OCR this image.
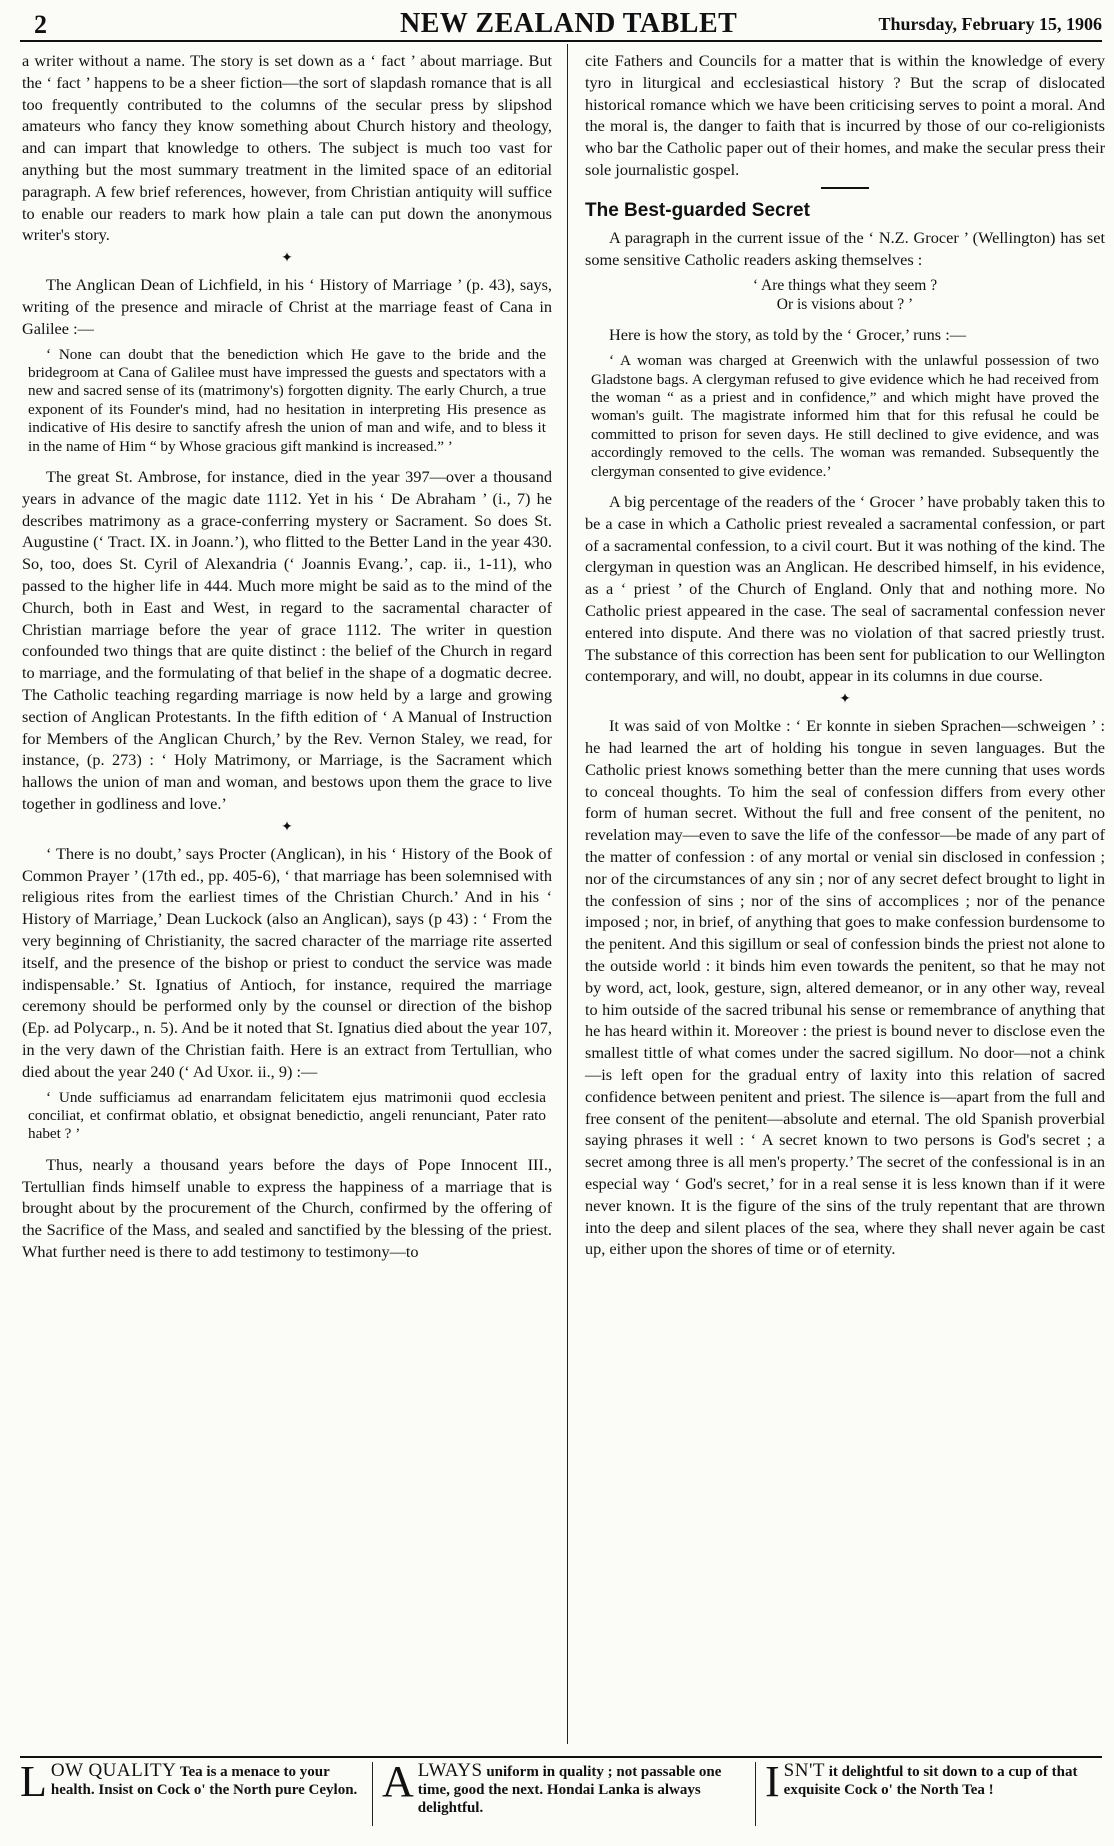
2	NEW ZEALAND TABLET	Thursday, February 15, 1906

a writer without a name. The story is set down as a ‘ fact ’ about marriage. But the ‘ fact ’ happens to be a sheer fiction—the sort of slapdash romance that is all too frequently contributed to the columns of the secular press by slipshod amateurs who fancy they know something about Church history and theology, and can impart that knowledge to others. The subject is much too vast for anything but the most summary treatment in the limited space of an editorial paragraph. A few brief references, however, from Christian antiquity will suffice to enable our readers to mark how plain a tale can put down the anonymous writer's story.

✦

The Anglican Dean of Lichfield, in his ‘ History of Marriage ’ (p. 43), says, writing of the presence and miracle of Christ at the marriage feast of Cana in Galilee :—

‘ None can doubt that the benediction which He gave to the bride and the bridegroom at Cana of Galilee must have impressed the guests and spectators with a new and sacred sense of its (matrimony's) forgotten dignity. The early Church, a true exponent of its Founder's mind, had no hesitation in interpreting His presence as indicative of His desire to sanctify afresh the union of man and wife, and to bless it in the name of Him “ by Whose gracious gift mankind is increased.” ’

The great St. Ambrose, for instance, died in the year 397—over a thousand years in advance of the magic date 1112. Yet in his ‘ De Abraham ’ (i., 7) he describes matrimony as a grace-conferring mystery or Sacrament. So does St. Augustine (‘ Tract. IX. in Joann.’), who flitted to the Better Land in the year 430. So, too, does St. Cyril of Alexandria (‘ Joannis Evang.’, cap. ii., 1-11), who passed to the higher life in 444. Much more might be said as to the mind of the Church, both in East and West, in regard to the sacramental character of Christian marriage before the year of grace 1112. The writer in question confounded two things that are quite distinct : the belief of the Church in regard to marriage, and the formulating of that belief in the shape of a dogmatic decree. The Catholic teaching regarding marriage is now held by a large and growing section of Anglican Protestants. In the fifth edition of ‘ A Manual of Instruction for Members of the Anglican Church,’ by the Rev. Vernon Staley, we read, for instance, (p. 273) : ‘ Holy Matrimony, or Marriage, is the Sacrament which hallows the union of man and woman, and bestows upon them the grace to live together in godliness and love.’

✦

‘ There is no doubt,’ says Procter (Anglican), in his ‘ History of the Book of Common Prayer ’ (17th ed., pp. 405-6), ‘ that marriage has been solemnised with religious rites from the earliest times of the Christian Church.’ And in his ‘ History of Marriage,’ Dean Luckock (also an Anglican), says (p 43) : ‘ From the very beginning of Christianity, the sacred character of the marriage rite asserted itself, and the presence of the bishop or priest to conduct the service was made indispensable.’ St. Ignatius of Antioch, for instance, required the marriage ceremony should be performed only by the counsel or direction of the bishop (Ep. ad Polycarp., n. 5). And be it noted that St. Ignatius died about the year 107, in the very dawn of the Christian faith. Here is an extract from Tertullian, who died about the year 240 (‘ Ad Uxor. ii., 9) :—

‘ Unde sufficiamus ad enarrandam felicitatem ejus matrimonii quod ecclesia conciliat, et confirmat oblatio, et obsignat benedictio, angeli renunciant, Pater rato habet ? ’

Thus, nearly a thousand years before the days of Pope Innocent III., Tertullian finds himself unable to express the happiness of a marriage that is brought about by the procurement of the Church, confirmed by the offering of the Sacrifice of the Mass, and sealed and sanctified by the blessing of the priest. What further need is there to add testimony to testimony—to

cite Fathers and Councils for a matter that is within the knowledge of every tyro in liturgical and ecclesiastical history ? But the scrap of dislocated historical romance which we have been criticising serves to point a moral. And the moral is, the danger to faith that is incurred by those of our co-religionists who bar the Catholic paper out of their homes, and make the secular press their sole journalistic gospel.

The Best-guarded Secret

A paragraph in the current issue of the ‘ N.Z. Grocer ’ (Wellington) has set some sensitive Catholic readers asking themselves :

‘ Are things what they seem ?
Or is visions about ? ’

Here is how the story, as told by the ‘ Grocer,’ runs :—

‘ A woman was charged at Greenwich with the unlawful possession of two Gladstone bags. A clergyman refused to give evidence which he had received from the woman “ as a priest and in confidence,” and which might have proved the woman's guilt. The magistrate informed him that for this refusal he could be committed to prison for seven days. He still declined to give evidence, and was accordingly removed to the cells. The woman was remanded. Subsequently the clergyman consented to give evidence.’

A big percentage of the readers of the ‘ Grocer ’ have probably taken this to be a case in which a Catholic priest revealed a sacramental confession, or part of a sacramental confession, to a civil court. But it was nothing of the kind. The clergyman in question was an Anglican. He described himself, in his evidence, as a ‘ priest ’ of the Church of England. Only that and nothing more. No Catholic priest appeared in the case. The seal of sacramental confession never entered into dispute. And there was no violation of that sacred priestly trust. The substance of this correction has been sent for publication to our Wellington contemporary, and will, no doubt, appear in its columns in due course.

✦

It was said of von Moltke : ‘ Er konnte in sieben Sprachen—schweigen ’ : he had learned the art of holding his tongue in seven languages. But the Catholic priest knows something better than the mere cunning that uses words to conceal thoughts. To him the seal of confession differs from every other form of human secret. Without the full and free consent of the penitent, no revelation may—even to save the life of the confessor—be made of any part of the matter of confession : of any mortal or venial sin disclosed in confession ; nor of the circumstances of any sin ; nor of any secret defect brought to light in the confession of sins ; nor of the sins of accomplices ; nor of the penance imposed ; nor, in brief, of anything that goes to make confession burdensome to the penitent. And this sigillum or seal of confession binds the priest not alone to the outside world : it binds him even towards the penitent, so that he may not by word, act, look, gesture, sign, altered demeanor, or in any other way, reveal to him outside of the sacred tribunal his sense or remembrance of anything that he has heard within it. Moreover : the priest is bound never to disclose even the smallest tittle of what comes under the sacred sigillum. No door—not a chink—is left open for the gradual entry of laxity into this relation of sacred confidence between penitent and priest. The silence is—apart from the full and free consent of the penitent—absolute and eternal. The old Spanish proverbial saying phrases it well : ‘ A secret known to two persons is God's secret ; a secret among three is all men's property.’ The secret of the confessional is in an especial way ‘ God's secret,’ for in a real sense it is less known than if it were never known. It is the figure of the sins of the truly repentant that are thrown into the deep and silent places of the sea, where they shall never again be cast up, either upon the shores of time or of eternity.

L OW QUALITY Tea is a menace to your health. Insist on Cock o' the North pure Ceylon. A LWAYS uniform in quality ; not passable one time, good the next. Hondai Lanka is always delightful.
I SN'T it delightful to sit down to a cup of that exquisite Cock o' the North Tea !
